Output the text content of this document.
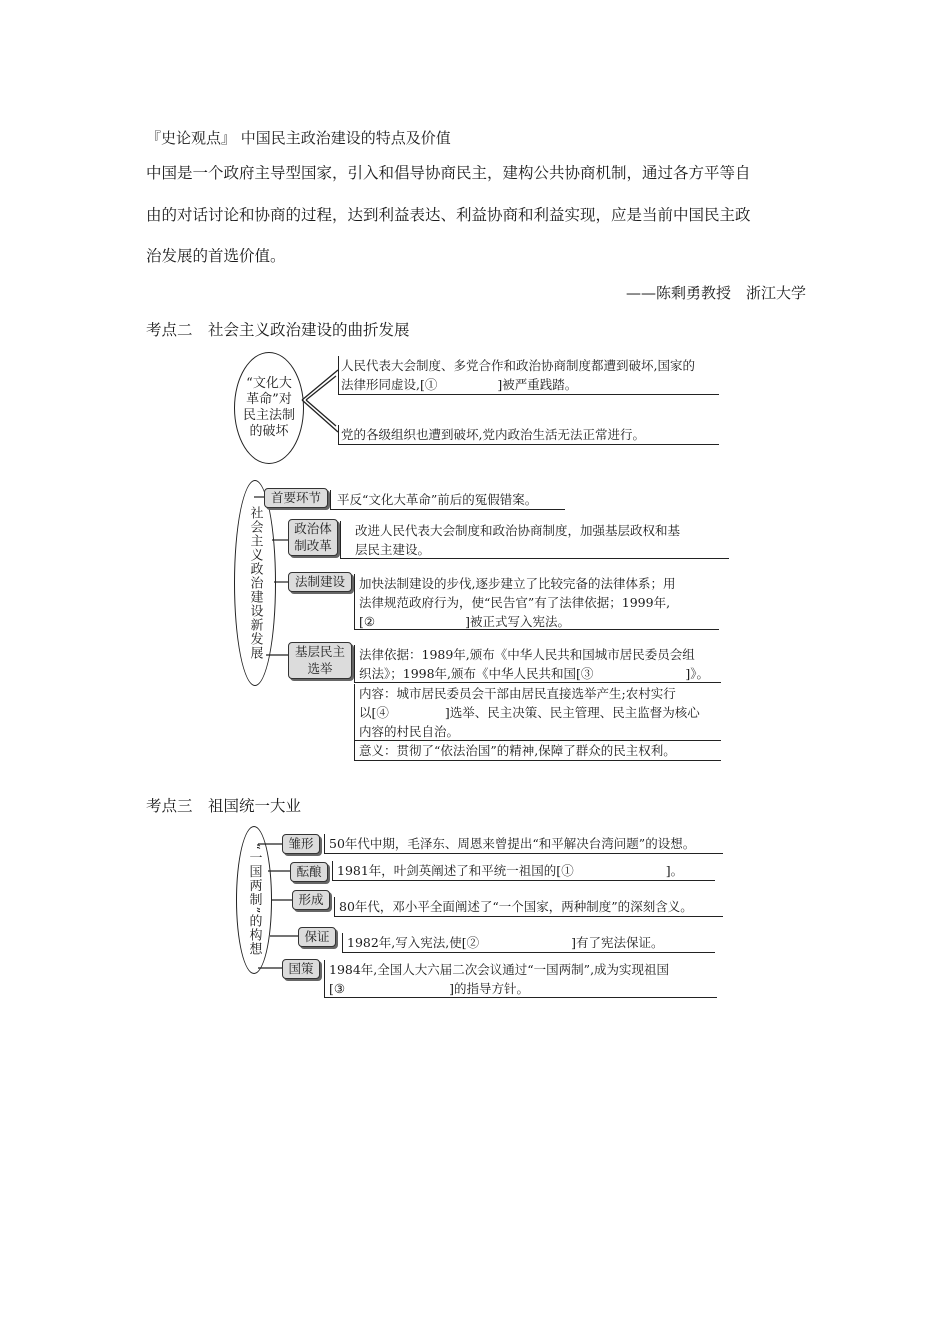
『史论观点』 中国民主政治建设的特点及价值
中国是一个政府主导型国家，引入和倡导协商民主，建构公共协商机制，通过各方平等自
由的对话讨论和协商的过程，达到利益表达、利益协商和利益实现，应是当前中国民主政
治发展的首选价值。
——陈剩勇教授　浙江大学
考点二　社会主义政治建设的曲折发展
“文化大革命”对民主法制的破坏
人民代表大会制度、多党合作和政治协商制度都遭到破坏,国家的
法律形同虚设,[①	]被严重践踏。
党的各级组织也遭到破坏,党内政治生活无法正常进行。
社会主义政治建设新发展
首要环节	平反“文化大革命”前后的冤假错案。
政治体制改革
改进人民代表大会制度和政治协商制度，加强基层政权和基
层民主建设。
法制建设	加快法制建设的步伐,逐步建立了比较完备的法律体系；用
法律规范政府行为，使“民告官”有了法律依据；1999年,
[②	]被正式写入宪法。
基层民主选举
法律依据：1989年,颁布《中华人民共和国城市居民委员会组
织法》；1998年,颁布《中华人民共和国[③	]》。
内容：城市居民委员会干部由居民直接选举产生;农村实行
以[④	]选举、民主决策、民主管理、民主监督为核心
内容的村民自治。
意义：贯彻了“依法治国”的精神,保障了群众的民主权利。
考点三　祖国统一大业
“一国两制”的构想	雏形	50年代中期，毛泽东、周恩来曾提出“和平解决台湾问题”的设想。
酝酿	1981年，叶剑英阐述了和平统一祖国的[①	]。
形成	80年代，邓小平全面阐述了“一个国家，两种制度”的深刻含义。
保证	1982年,写入宪法,使[②	]有了宪法保证。
国策	1984年,全国人大六届二次会议通过“一国两制”,成为实现祖国
[③	]的指导方针。
